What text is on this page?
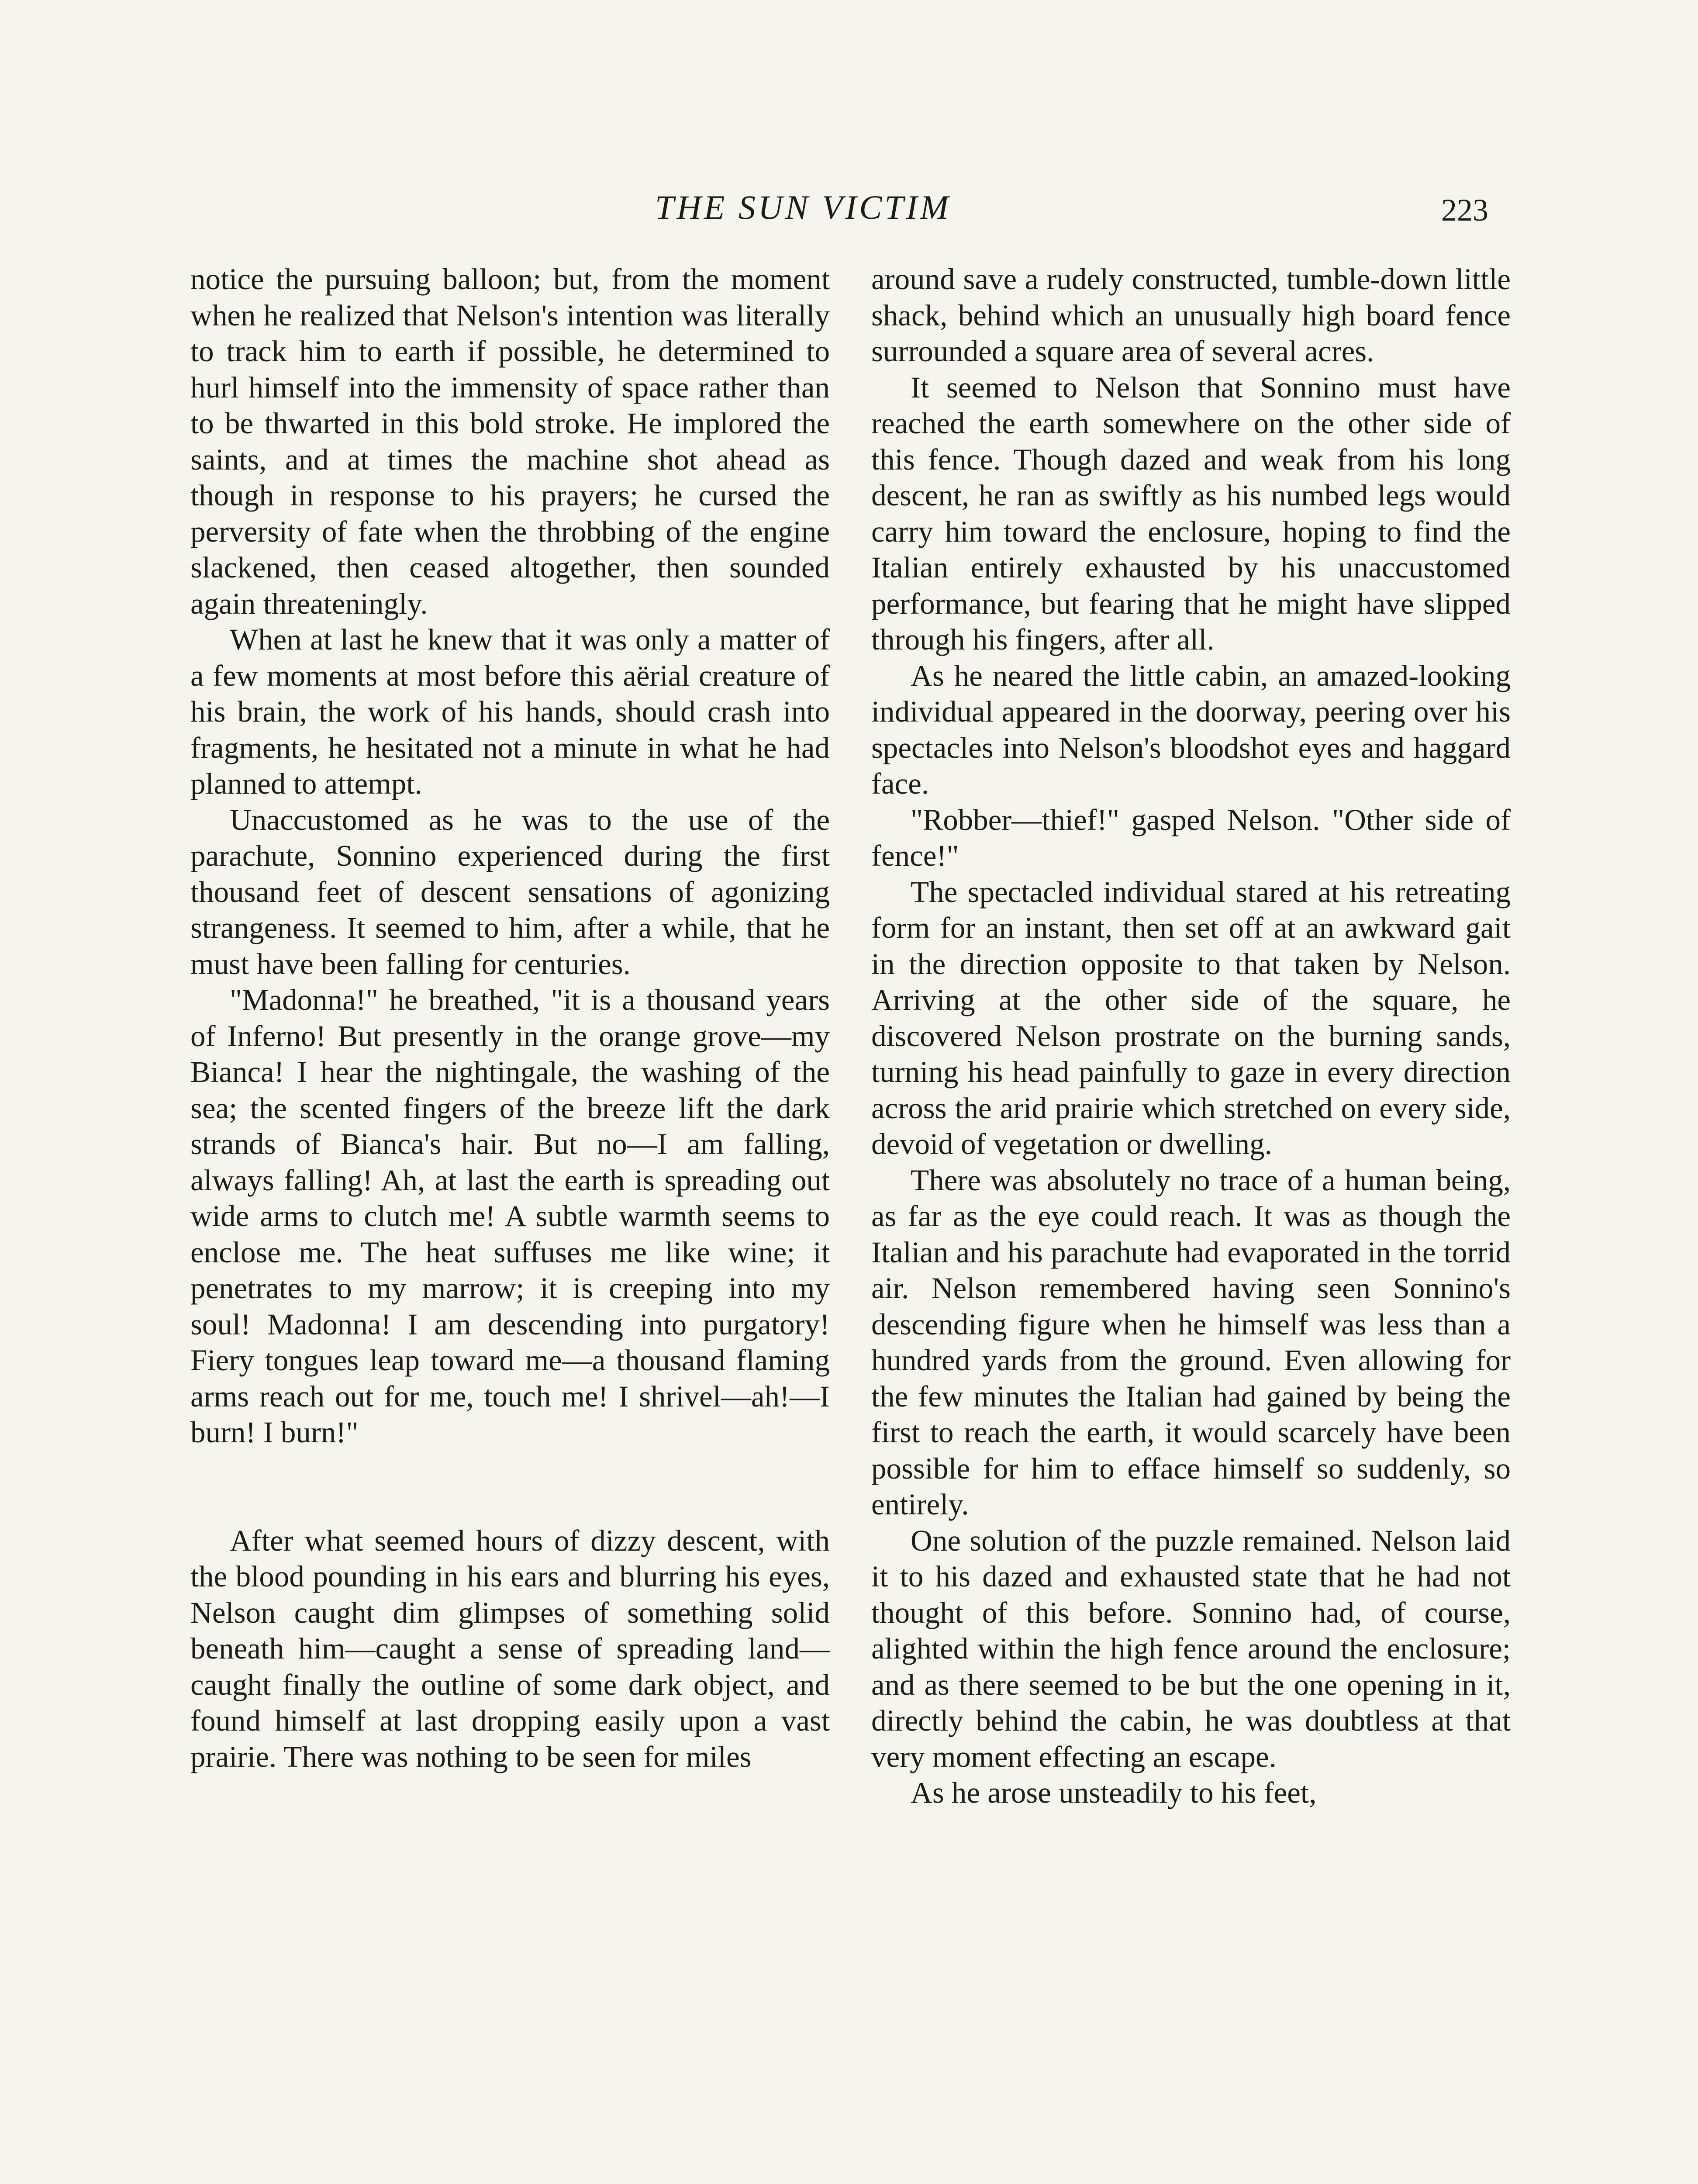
THE SUN VICTIM	223

notice the pursuing balloon; but, from the moment when he realized that Nelson's intention was literally to track him to earth if possible, he determined to hurl himself into the immensity of space rather than to be thwarted in this bold stroke. He implored the saints, and at times the machine shot ahead as though in response to his prayers; he cursed the perversity of fate when the throbbing of the engine slackened, then ceased altogether, then sounded again threateningly.

When at last he knew that it was only a matter of a few moments at most before this aërial creature of his brain, the work of his hands, should crash into fragments, he hesitated not a minute in what he had planned to attempt.

Unaccustomed as he was to the use of the parachute, Sonnino experienced during the first thousand feet of descent sensations of agonizing strangeness. It seemed to him, after a while, that he must have been falling for centuries.

"Madonna!" he breathed, "it is a thousand years of Inferno! But presently in the orange grove—my Bianca! I hear the nightingale, the washing of the sea; the scented fingers of the breeze lift the dark strands of Bianca's hair. But no—I am falling, always falling! Ah, at last the earth is spreading out wide arms to clutch me! A subtle warmth seems to enclose me. The heat suffuses me like wine; it penetrates to my marrow; it is creeping into my soul! Madonna! I am descending into purgatory! Fiery tongues leap toward me—a thousand flaming arms reach out for me, touch me! I shrivel—ah!—I burn! I burn!"

After what seemed hours of dizzy descent, with the blood pounding in his ears and blurring his eyes, Nelson caught dim glimpses of something solid beneath him—caught a sense of spreading land—caught finally the outline of some dark object, and found himself at last dropping easily upon a vast prairie. There was nothing to be seen for miles

around save a rudely constructed, tumble-down little shack, behind which an unusually high board fence surrounded a square area of several acres.

It seemed to Nelson that Sonnino must have reached the earth somewhere on the other side of this fence. Though dazed and weak from his long descent, he ran as swiftly as his numbed legs would carry him toward the enclosure, hoping to find the Italian entirely exhausted by his unaccustomed performance, but fearing that he might have slipped through his fingers, after all.

As he neared the little cabin, an amazed-looking individual appeared in the doorway, peering over his spectacles into Nelson's bloodshot eyes and haggard face.

"Robber—thief!" gasped Nelson. "Other side of fence!"

The spectacled individual stared at his retreating form for an instant, then set off at an awkward gait in the direction opposite to that taken by Nelson. Arriving at the other side of the square, he discovered Nelson prostrate on the burning sands, turning his head painfully to gaze in every direction across the arid prairie which stretched on every side, devoid of vegetation or dwelling.

There was absolutely no trace of a human being, as far as the eye could reach. It was as though the Italian and his parachute had evaporated in the torrid air. Nelson remembered having seen Sonnino's descending figure when he himself was less than a hundred yards from the ground. Even allowing for the few minutes the Italian had gained by being the first to reach the earth, it would scarcely have been possible for him to efface himself so suddenly, so entirely.

One solution of the puzzle remained. Nelson laid it to his dazed and exhausted state that he had not thought of this before. Sonnino had, of course, alighted within the high fence around the enclosure; and as there seemed to be but the one opening in it, directly behind the cabin, he was doubtless at that very moment effecting an escape.

As he arose unsteadily to his feet,
